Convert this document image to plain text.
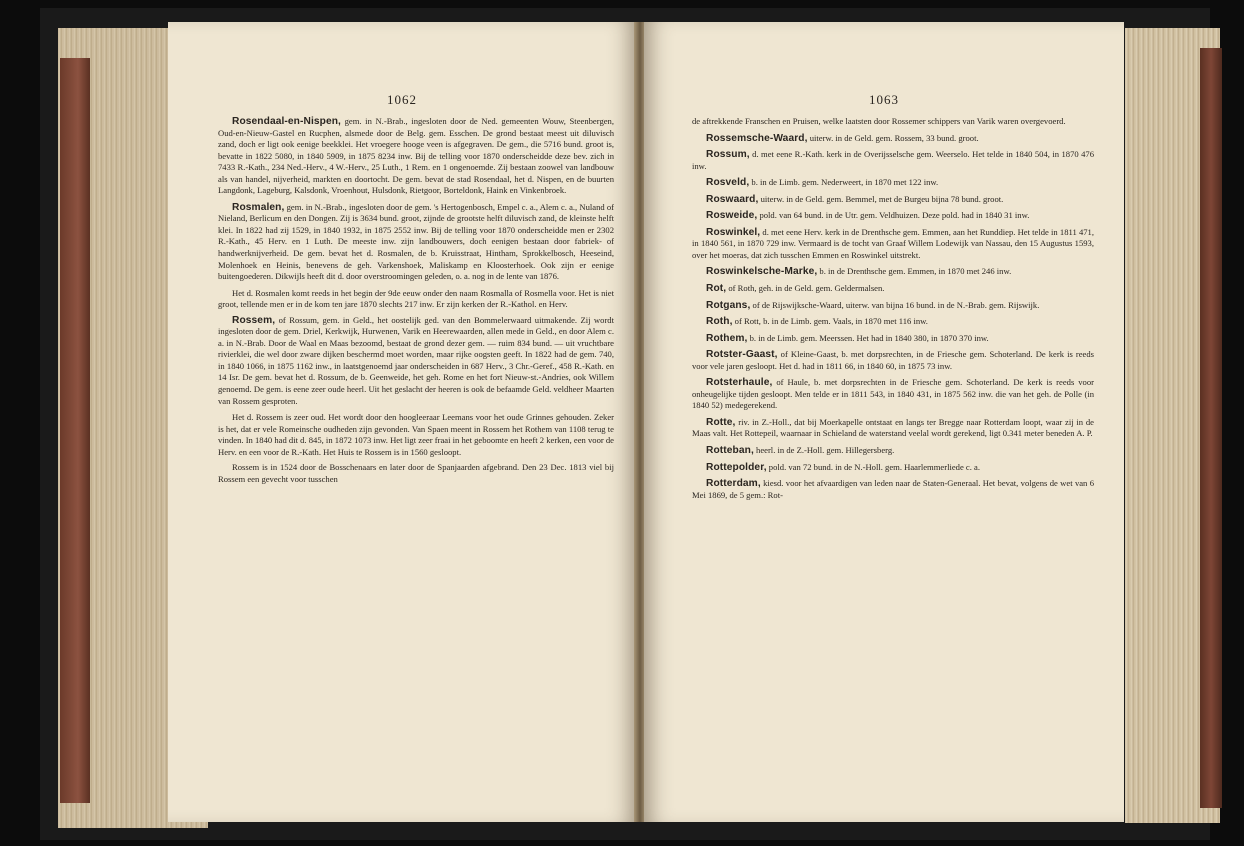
1062

Rosendaal-en-Nispen, gem. in N.-Brab., ingesloten door de Ned. gemeenten Wouw, Steenbergen, Oud-en-Nieuw-Gastel en Rucphen, alsmede door de Belg. gem. Esschen. De grond bestaat meest uit diluvisch zand, doch er ligt ook eenige beekklei. Het vroegere hooge veen is afgegraven. De gem., die 5716 bund. groot is, bevatte in 1822 5080, in 1840 5909, in 1875 8234 inw. Bij de telling voor 1870 onderscheidde deze bev. zich in 7433 R.-Kath., 234 Ned.-Herv., 4 W.-Herv., 25 Luth., 1 Rem. en 1 ongenoemde. Zij bestaan zoowel van landbouw als van handel, nijverheid, markten en doortocht. De gem. bevat de stad Rosendaal, het d. Nispen, en de buurten Langdonk, Lageburg, Kalsdonk, Vroenhout, Hulsdonk, Rietgoor, Borteldonk, Haink en Vinkenbroek.

Rosmalen, gem. in N.-Brab., ingesloten door de gem. 's Hertogenbosch, Empel c. a., Alem c. a., Nuland of Nieland, Berlicum en den Dongen. Zij is 3634 bund. groot, zijnde de grootste helft diluvisch zand, de kleinste helft klei. In 1822 had zij 1529, in 1840 1932, in 1875 2552 inw. Bij de telling voor 1870 onderscheidde men er 2302 R.-Kath., 45 Herv. en 1 Luth. De meeste inw. zijn landbouwers, doch eenigen bestaan door fabriek- of handwerknijverheid. De gem. bevat het d. Rosmalen, de b. Kruisstraat, Hintham, Sprokkelbosch, Heeseind, Molenhoek en Heinis, benevens de geh. Varkenshoek, Maliskamp en Kloosterhoek. Ook zijn er eenige buitengoederen. Dikwijls heeft dit d. door overstroomingen geleden, o. a. nog in de lente van 1876.

Het d. Rosmalen komt reeds in het begin der 9de eeuw onder den naam Rosmalla of Rosmella voor. Het is niet groot, tellende men er in de kom ten jare 1870 slechts 217 inw. Er zijn kerken der R.-Kathol. en Herv.

Rossem, of Rossum, gem. in Geld., het oostelijk ged. van den Bommelerwaard uitmakende. Zij wordt ingesloten door de gem. Driel, Kerkwijk, Hurwenen, Varik en Heerewaarden, allen mede in Geld., en door Alem c. a. in N.-Brab. Door de Waal en Maas bezoomd, bestaat de grond dezer gem. — ruim 834 bund. — uit vruchtbare rivierklei, die wel door zware dijken beschermd moet worden, maar rijke oogsten geeft. In 1822 had de gem. 740, in 1840 1066, in 1875 1162 inw., in laatstgenoemd jaar onderscheiden in 687 Herv., 3 Chr.-Geref., 458 R.-Kath. en 14 Isr. De gem. bevat het d. Rossum, de b. Geenweide, het geh. Rome en het fort Nieuw-st.-Andries, ook Willem genoemd. De gem. is eene zeer oude heerl. Uit het geslacht der heeren is ook de befaamde Geld. veldheer Maarten van Rossem gesproten.

Het d. Rossem is zeer oud. Het wordt door den hoogleeraar Leemans voor het oude Grinnes gehouden. Zeker is het, dat er vele Romeinsche oudheden zijn gevonden. Van Spaen meent in Rossem het Rothem van 1108 terug te vinden. In 1840 had dit d. 845, in 1872 1073 inw. Het ligt zeer fraai in het geboomte en heeft 2 kerken, een voor de Herv. en een voor de R.-Kath. Het Huis te Rossem is in 1560 gesloopt.

Rossem is in 1524 door de Bosschenaars en later door de Spanjaarden afgebrand. Den 23 Dec. 1813 viel bij Rossem een gevecht voor tusschen

1063

de aftrekkende Franschen en Pruisen, welke laatsten door Rossemer schippers van Varik waren overgevoerd.

Rossemsche-Waard, uiterw. in de Geld. gem. Rossem, 33 bund. groot.

Rossum, d. met eene R.-Kath. kerk in de Overijsselsche gem. Weerselo. Het telde in 1840 504, in 1870 476 inw.

Rosveld, b. in de Limb. gem. Nederweert, in 1870 met 122 inw.

Roswaard, uiterw. in de Geld. gem. Bemmel, met de Burgeu bijna 78 bund. groot.

Rosweide, pold. van 64 bund. in de Utr. gem. Veldhuizen. Deze pold. had in 1840 31 inw.

Roswinkel, d. met eene Herv. kerk in de Drenthsche gem. Emmen, aan het Runddiep. Het telde in 1811 471, in 1840 561, in 1870 729 inw. Vermaard is de tocht van Graaf Willem Lodewijk van Nassau, den 15 Augustus 1593, over het moeras, dat zich tusschen Emmen en Roswinkel uitstrekt.

Roswinkelsche-Marke, b. in de Drenthsche gem. Emmen, in 1870 met 246 inw.

Rot, of Roth, geh. in de Geld. gem. Geldermalsen.

Rotgans, of de Rijswijksche-Waard, uiterw. van bijna 16 bund. in de N.-Brab. gem. Rijswijk.

Roth, of Rott, b. in de Limb. gem. Vaals, in 1870 met 116 inw.

Rothem, b. in de Limb. gem. Meerssen. Het had in 1840 380, in 1870 370 inw.

Rotster-Gaast, of Kleine-Gaast, b. met dorpsrechten, in de Friesche gem. Schoterland. De kerk is reeds voor vele jaren gesloopt. Het d. had in 1811 66, in 1840 60, in 1875 73 inw.

Rotsterhaule, of Haule, b. met dorpsrechten in de Friesche gem. Schoterland. De kerk is reeds voor onheugelijke tijden gesloopt. Men telde er in 1811 543, in 1840 431, in 1875 562 inw. die van het geh. de Polle (in 1840 52) medegerekend.

Rotte, riv. in Z.-Holl., dat bij Moerkapelle ontstaat en langs ter Bregge naar Rotterdam loopt, waar zij in de Maas valt. Het Rottepeil, waarnaar in Schieland de waterstand veelal wordt gerekend, ligt 0.341 meter beneden A. P.

Rotteban, heerl. in de Z.-Holl. gem. Hillegersberg.

Rottepolder, pold. van 72 bund. in de N.-Holl. gem. Haarlemmerliede c. a.

Rotterdam, kiesd. voor het afvaardigen van leden naar de Staten-Generaal. Het bevat, volgens de wet van 6 Mei 1869, de 5 gem.: Rot-
